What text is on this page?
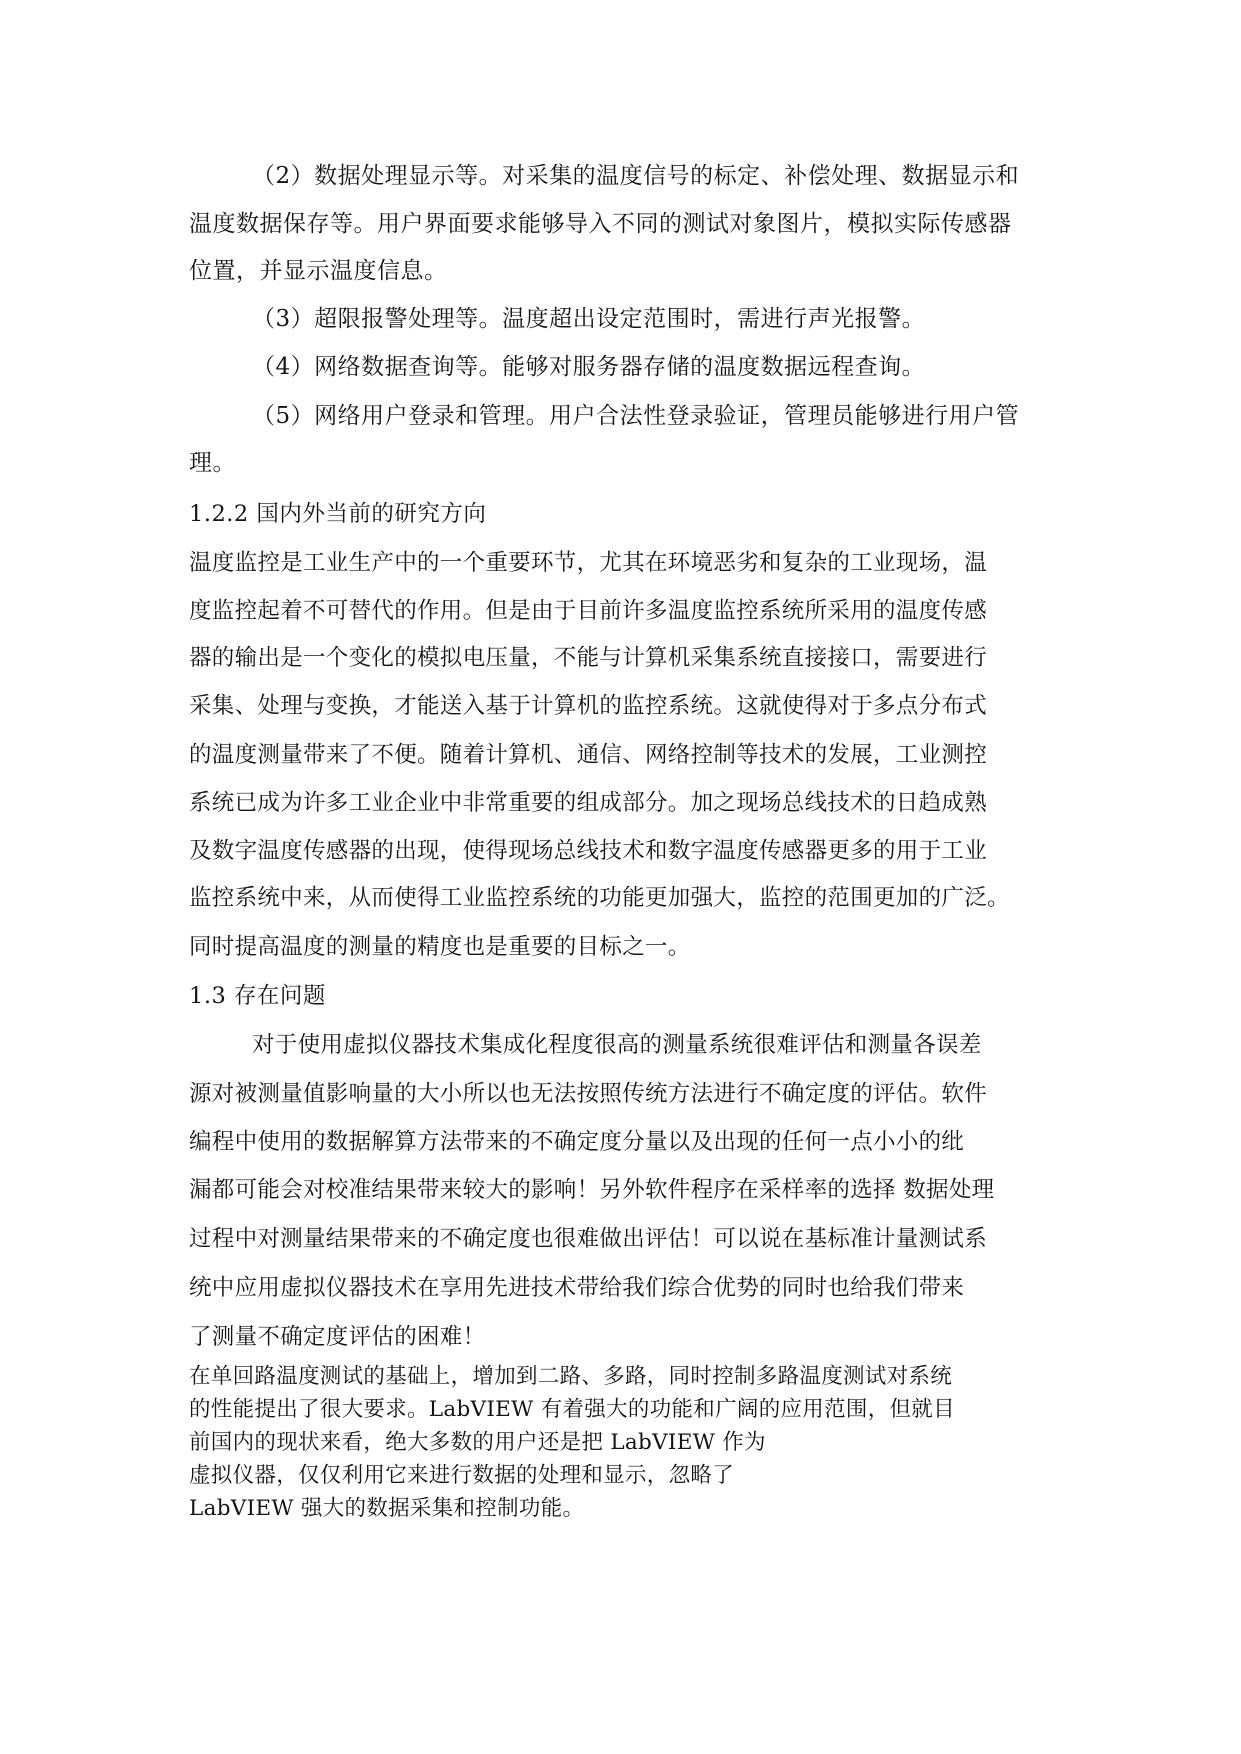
（2）数据处理显示等。对采集的温度信号的标定、补偿处理、数据显示和
温度数据保存等。用户界面要求能够导入不同的测试对象图片，模拟实际传感器
位置，并显示温度信息。
（3）超限报警处理等。温度超出设定范围时，需进行声光报警。
（4）网络数据查询等。能够对服务器存储的温度数据远程查询。
（5）网络用户登录和管理。用户合法性登录验证，管理员能够进行用户管
理。
1.2.2 国内外当前的研究方向
温度监控是工业生产中的一个重要环节，尤其在环境恶劣和复杂的工业现场，温
度监控起着不可替代的作用。但是由于目前许多温度监控系统所采用的温度传感
器的输出是一个变化的模拟电压量，不能与计算机采集系统直接接口，需要进行
采集、处理与变换，才能送入基于计算机的监控系统。这就使得对于多点分布式
的温度测量带来了不便。随着计算机、通信、网络控制等技术的发展，工业测控
系统已成为许多工业企业中非常重要的组成部分。加之现场总线技术的日趋成熟
及数字温度传感器的出现，使得现场总线技术和数字温度传感器更多的用于工业
监控系统中来，从而使得工业监控系统的功能更加强大，监控的范围更加的广泛。
同时提高温度的测量的精度也是重要的目标之一。
1.3 存在问题
对于使用虚拟仪器技术集成化程度很高的测量系统很难评估和测量各误差
源对被测量值影响量的大小所以也无法按照传统方法进行不确定度的评估。软件
编程中使用的数据解算方法带来的不确定度分量以及出现的任何一点小小的纰
漏都可能会对校准结果带来较大的影响！另外软件程序在采样率的选择 数据处理
过程中对测量结果带来的不确定度也很难做出评估！可以说在基标准计量测试系
统中应用虚拟仪器技术在享用先进技术带给我们综合优势的同时也给我们带来
了测量不确定度评估的困难！
在单回路温度测试的基础上，增加到二路、多路，同时控制多路温度测试对系统
的性能提出了很大要求。LabVIEW 有着强大的功能和广阔的应用范围，但就目
前国内的现状来看，绝大多数的用户还是把 LabVIEW 作为
虚拟仪器，仅仅利用它来进行数据的处理和显示，忽略了
LabVIEW 强大的数据采集和控制功能。
